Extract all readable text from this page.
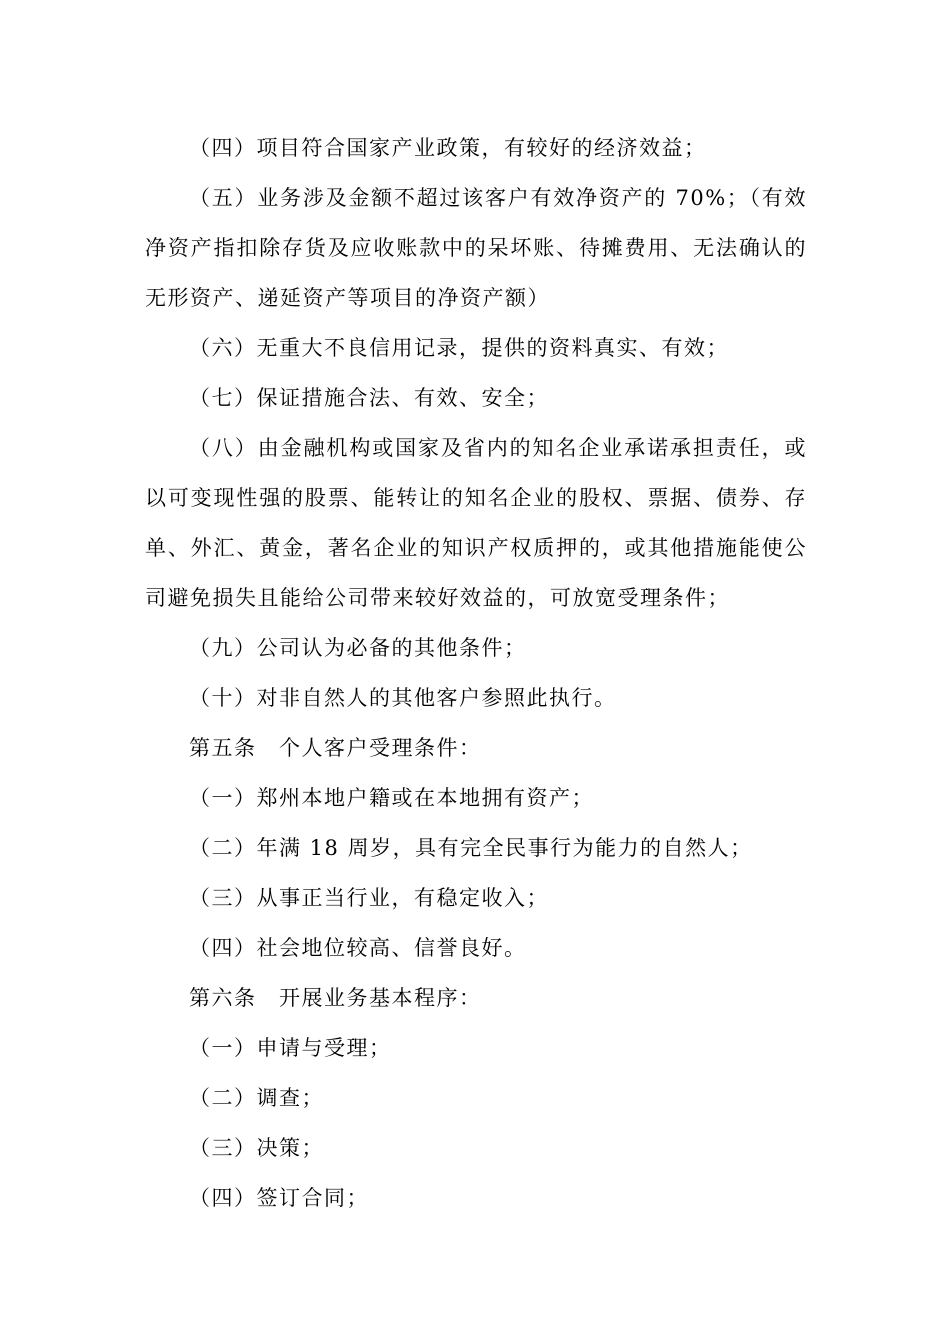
（四）项目符合国家产业政策，有较好的经济效益；

（五）业务涉及金额不超过该客户有效净资产的 70%；（有效净资产指扣除存货及应收账款中的呆坏账、待摊费用、无法确认的无形资产、递延资产等项目的净资产额）

（六）无重大不良信用记录，提供的资料真实、有效；

（七）保证措施合法、有效、安全；

（八）由金融机构或国家及省内的知名企业承诺承担责任，或以可变现性强的股票、能转让的知名企业的股权、票据、债券、存单、外汇、黄金，著名企业的知识产权质押的，或其他措施能使公司避免损失且能给公司带来较好效益的，可放宽受理条件；

（九）公司认为必备的其他条件；

（十）对非自然人的其他客户参照此执行。

第五条　个人客户受理条件：

（一）郑州本地户籍或在本地拥有资产；

（二）年满 18 周岁，具有完全民事行为能力的自然人；

（三）从事正当行业，有稳定收入；

（四）社会地位较高、信誉良好。

第六条　开展业务基本程序：

（一）申请与受理；

（二）调查；

（三）决策；

（四）签订合同；
